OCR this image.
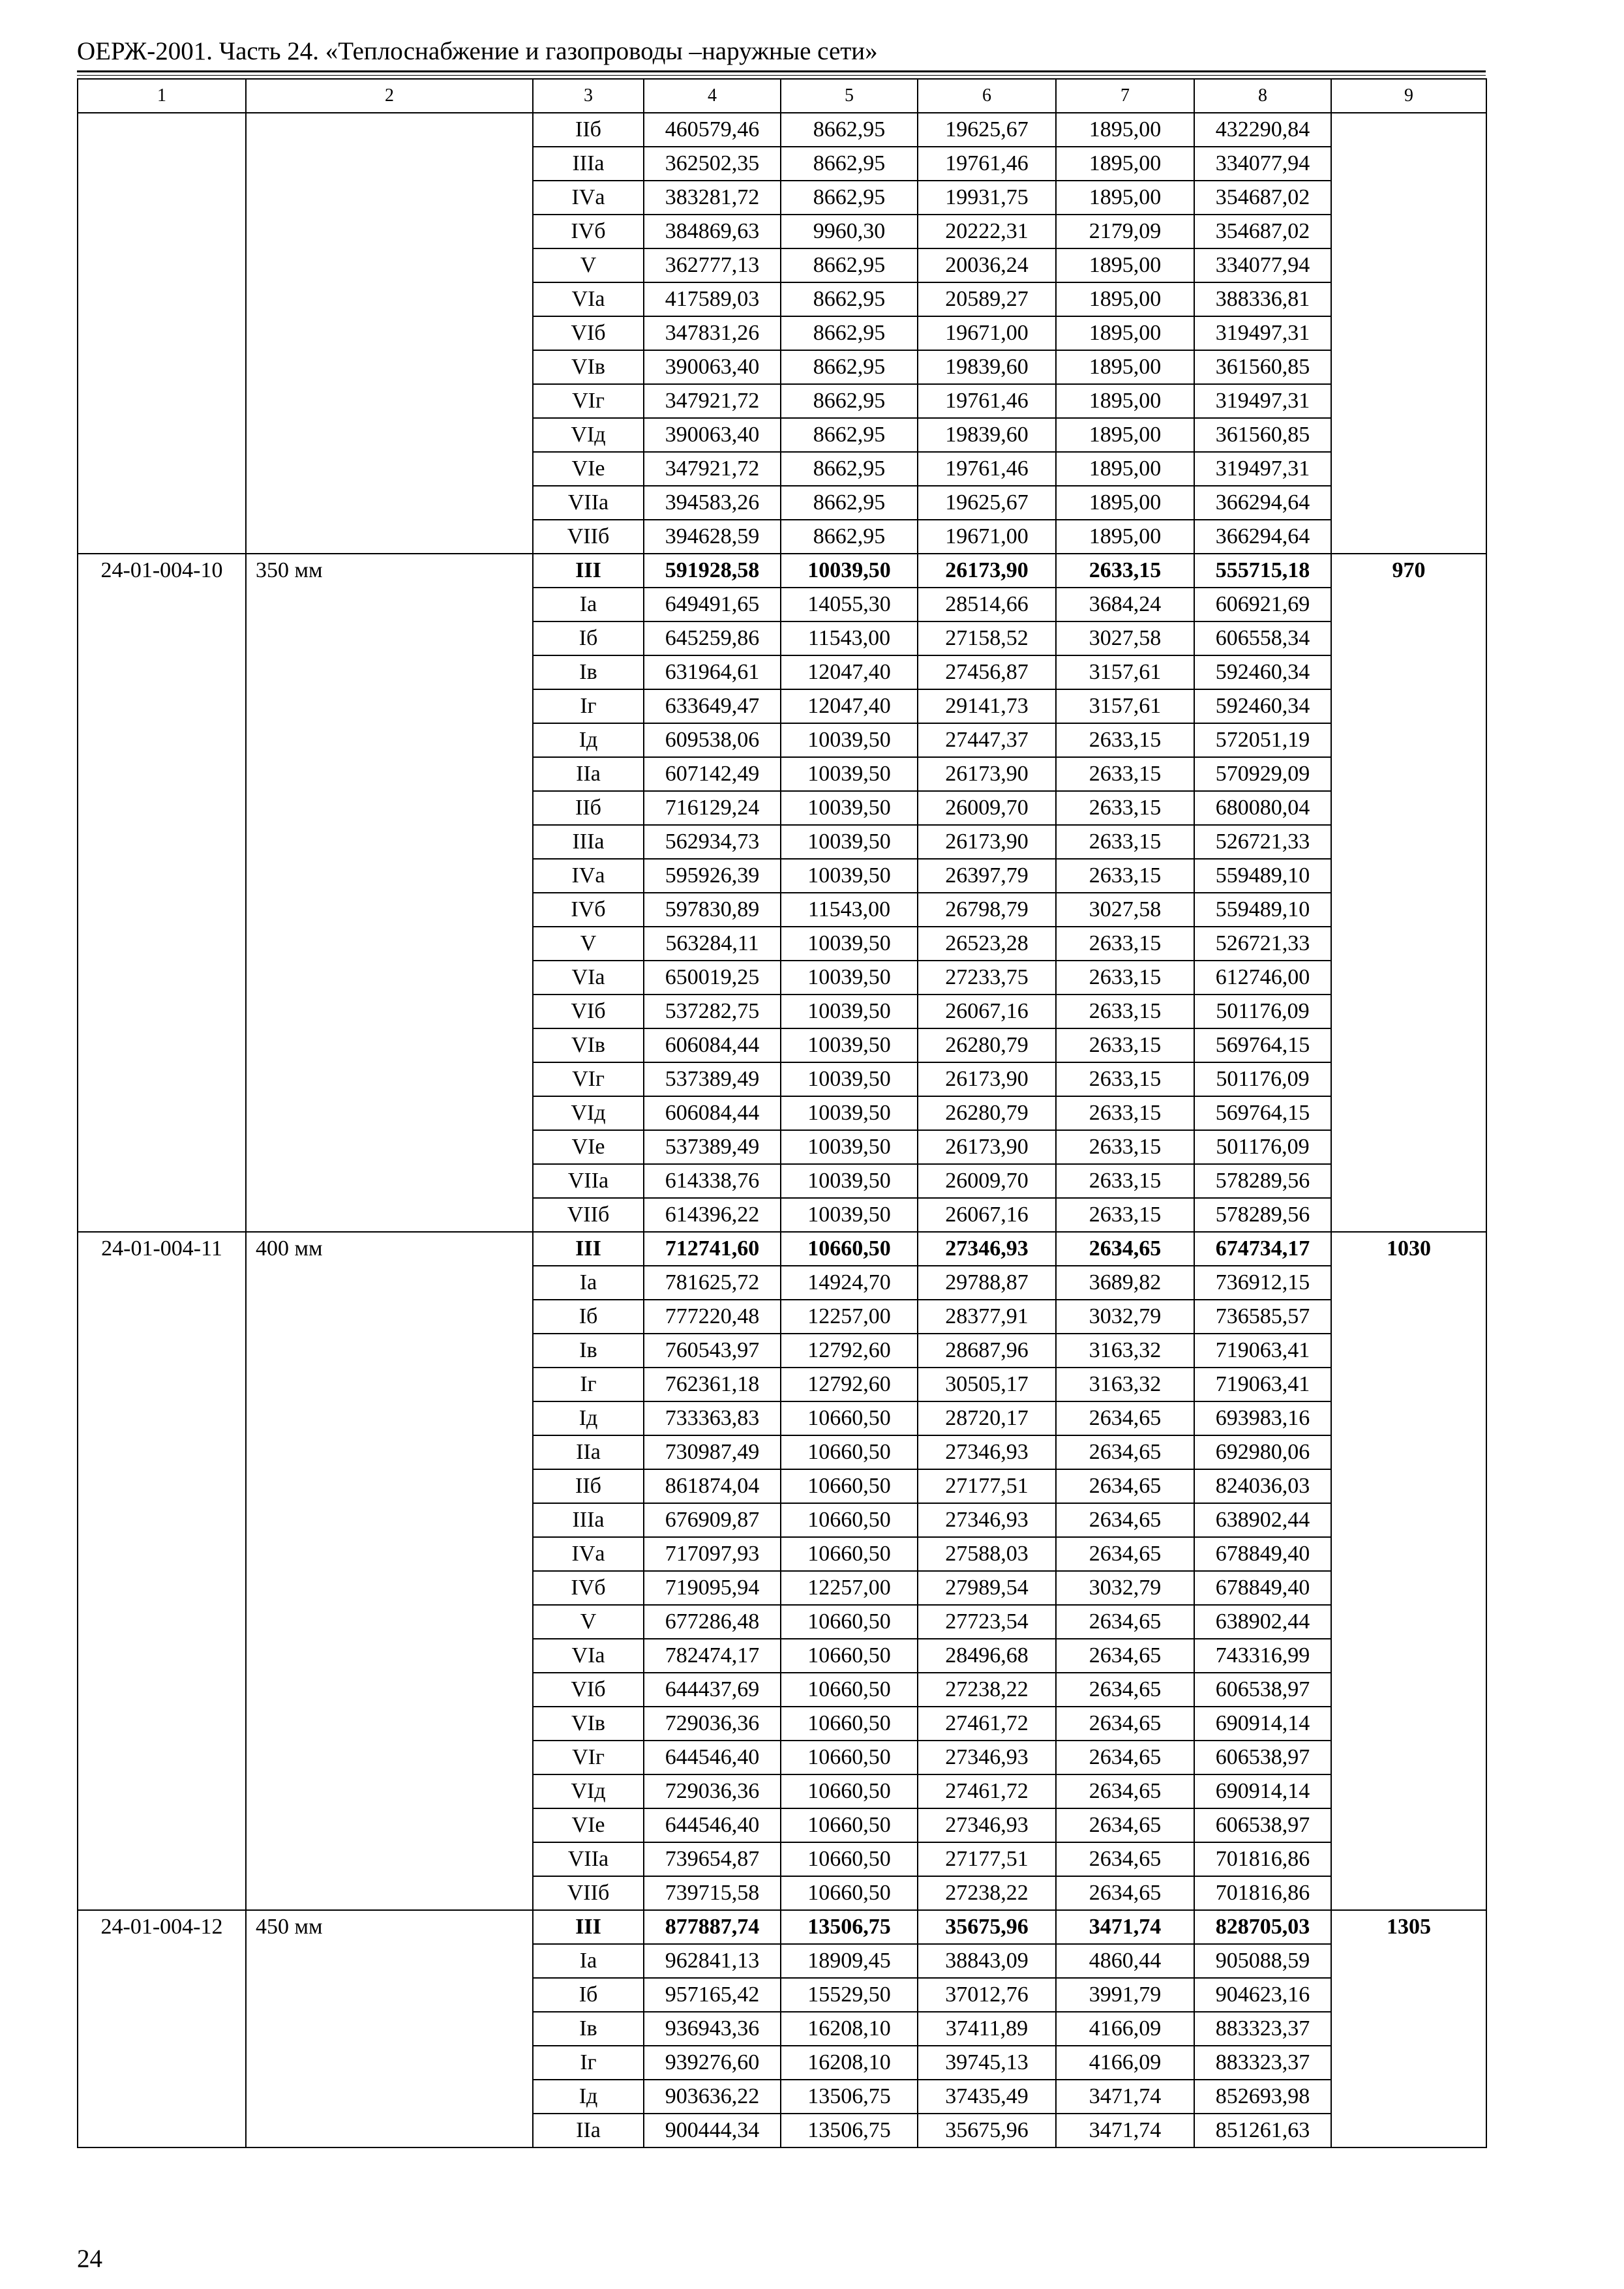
ОЕРЖ-2001. Часть 24. «Теплоснабжение и газопроводы –наружные сети»
1	2	3	4	5	6	7	8	9
		IIб	460579,46	8662,95	19625,67	1895,00	432290,84	
		IIIа	362502,35	8662,95	19761,46	1895,00	334077,94	
		IVа	383281,72	8662,95	19931,75	1895,00	354687,02	
		IVб	384869,63	9960,30	20222,31	2179,09	354687,02	
		V	362777,13	8662,95	20036,24	1895,00	334077,94	
		VIа	417589,03	8662,95	20589,27	1895,00	388336,81	
		VIб	347831,26	8662,95	19671,00	1895,00	319497,31	
		VIв	390063,40	8662,95	19839,60	1895,00	361560,85	
		VIг	347921,72	8662,95	19761,46	1895,00	319497,31	
		VIд	390063,40	8662,95	19839,60	1895,00	361560,85	
		VIе	347921,72	8662,95	19761,46	1895,00	319497,31	
		VIIа	394583,26	8662,95	19625,67	1895,00	366294,64	
		VIIб	394628,59	8662,95	19671,00	1895,00	366294,64	
24-01-004-10	350 мм	III	591928,58	10039,50	26173,90	2633,15	555715,18	970
		Iа	649491,65	14055,30	28514,66	3684,24	606921,69	
		Iб	645259,86	11543,00	27158,52	3027,58	606558,34	
		Iв	631964,61	12047,40	27456,87	3157,61	592460,34	
		Iг	633649,47	12047,40	29141,73	3157,61	592460,34	
		Iд	609538,06	10039,50	27447,37	2633,15	572051,19	
		IIа	607142,49	10039,50	26173,90	2633,15	570929,09	
		IIб	716129,24	10039,50	26009,70	2633,15	680080,04	
		IIIа	562934,73	10039,50	26173,90	2633,15	526721,33	
		IVа	595926,39	10039,50	26397,79	2633,15	559489,10	
		IVб	597830,89	11543,00	26798,79	3027,58	559489,10	
		V	563284,11	10039,50	26523,28	2633,15	526721,33	
		VIа	650019,25	10039,50	27233,75	2633,15	612746,00	
		VIб	537282,75	10039,50	26067,16	2633,15	501176,09	
		VIв	606084,44	10039,50	26280,79	2633,15	569764,15	
		VIг	537389,49	10039,50	26173,90	2633,15	501176,09	
		VIд	606084,44	10039,50	26280,79	2633,15	569764,15	
		VIе	537389,49	10039,50	26173,90	2633,15	501176,09	
		VIIа	614338,76	10039,50	26009,70	2633,15	578289,56	
		VIIб	614396,22	10039,50	26067,16	2633,15	578289,56	
24-01-004-11	400 мм	III	712741,60	10660,50	27346,93	2634,65	674734,17	1030
		Iа	781625,72	14924,70	29788,87	3689,82	736912,15	
		Iб	777220,48	12257,00	28377,91	3032,79	736585,57	
		Iв	760543,97	12792,60	28687,96	3163,32	719063,41	
		Iг	762361,18	12792,60	30505,17	3163,32	719063,41	
		Iд	733363,83	10660,50	28720,17	2634,65	693983,16	
		IIа	730987,49	10660,50	27346,93	2634,65	692980,06	
		IIб	861874,04	10660,50	27177,51	2634,65	824036,03	
		IIIа	676909,87	10660,50	27346,93	2634,65	638902,44	
		IVа	717097,93	10660,50	27588,03	2634,65	678849,40	
		IVб	719095,94	12257,00	27989,54	3032,79	678849,40	
		V	677286,48	10660,50	27723,54	2634,65	638902,44	
		VIа	782474,17	10660,50	28496,68	2634,65	743316,99	
		VIб	644437,69	10660,50	27238,22	2634,65	606538,97	
		VIв	729036,36	10660,50	27461,72	2634,65	690914,14	
		VIг	644546,40	10660,50	27346,93	2634,65	606538,97	
		VIд	729036,36	10660,50	27461,72	2634,65	690914,14	
		VIе	644546,40	10660,50	27346,93	2634,65	606538,97	
		VIIа	739654,87	10660,50	27177,51	2634,65	701816,86	
		VIIб	739715,58	10660,50	27238,22	2634,65	701816,86	
24-01-004-12	450 мм	III	877887,74	13506,75	35675,96	3471,74	828705,03	1305
		Iа	962841,13	18909,45	38843,09	4860,44	905088,59	
		Iб	957165,42	15529,50	37012,76	3991,79	904623,16	
		Iв	936943,36	16208,10	37411,89	4166,09	883323,37	
		Iг	939276,60	16208,10	39745,13	4166,09	883323,37	
		Iд	903636,22	13506,75	37435,49	3471,74	852693,98	
		IIа	900444,34	13506,75	35675,96	3471,74	851261,63	
24
